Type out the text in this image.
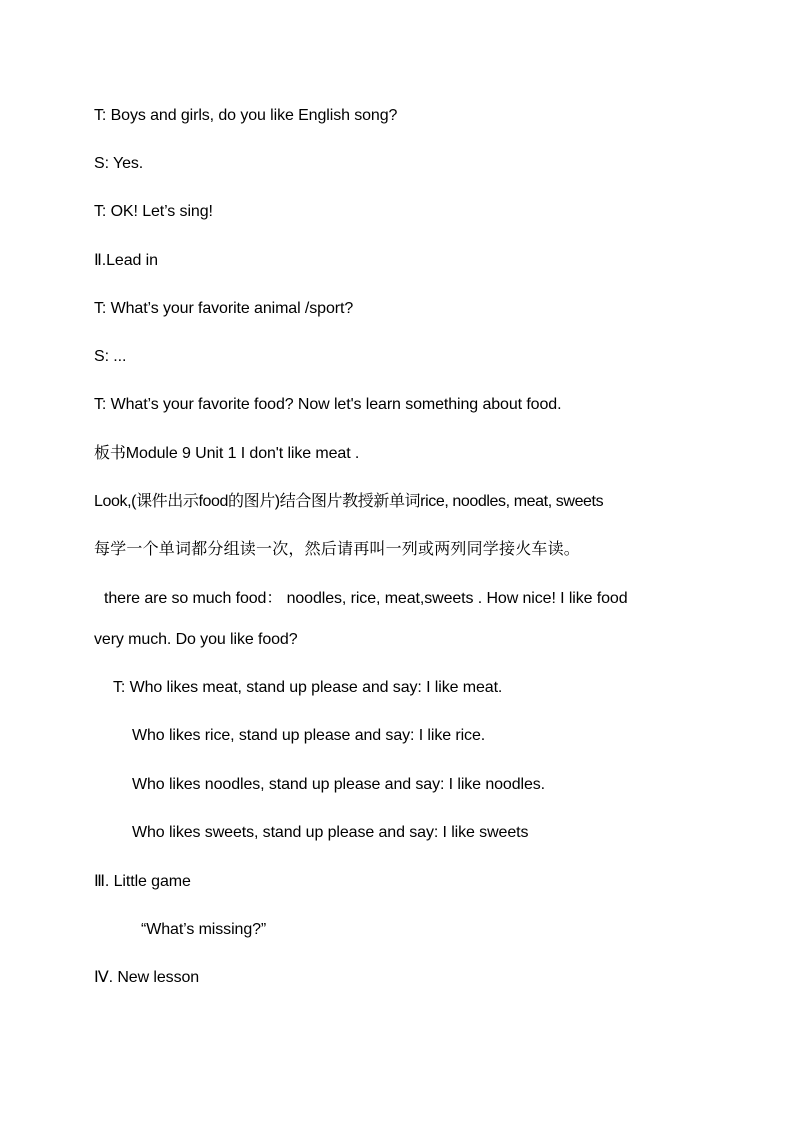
T: Boys and girls, do you like English song?
S: Yes.
T: OK! Let’s sing!
Ⅱ.Lead in
T: What’s your favorite animal /sport?
S: ...
T: What’s your favorite food? Now let's learn something about food.
板书Module 9 Unit 1 I don't like meat .
Look,(课件出示food的图片)结合图片教授新单词rice, noodles, meat, sweets
每学一个单词都分组读一次，然后请再叫一列或两列同学接火车读。
there are so much food： noodles, rice, meat,sweets . How nice! I like food
very much. Do you like food?
T: Who likes meat, stand up please and say: I like meat.
Who likes rice, stand up please and say: I like rice.
Who likes noodles, stand up please and say: I like noodles.
Who likes sweets, stand up please and say: I like sweets
Ⅲ. Little game
“What’s missing?”
Ⅳ. New lesson
